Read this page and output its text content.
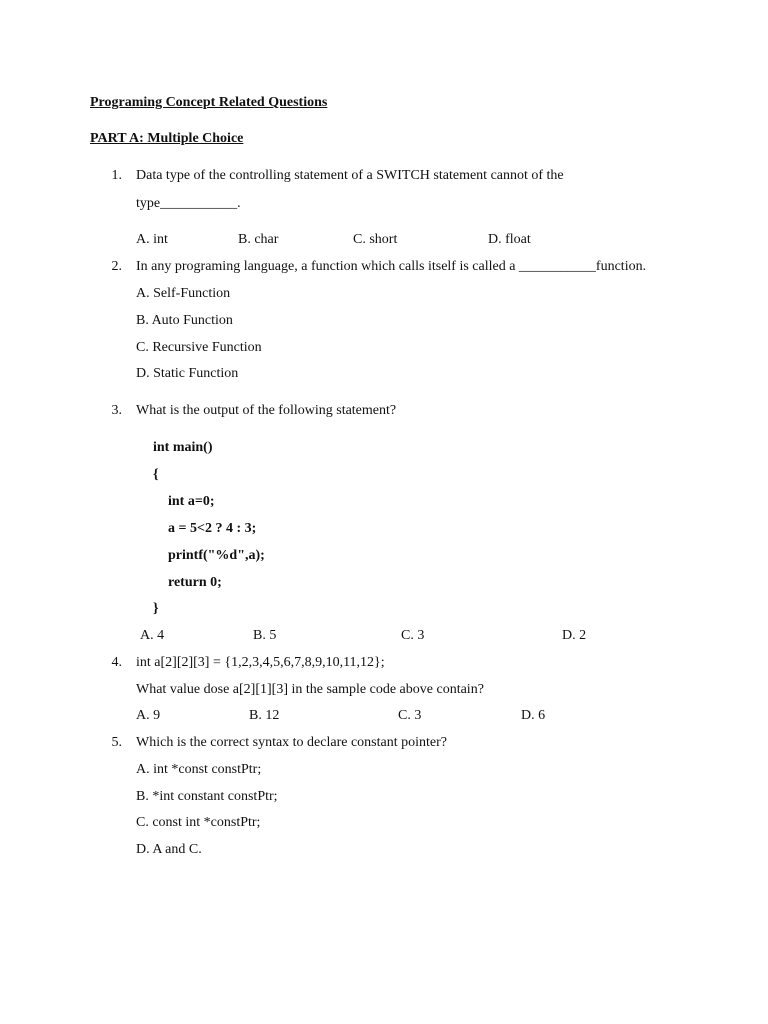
Programing Concept Related Questions
PART A: Multiple Choice
1. Data type of the controlling statement of a SWITCH statement cannot of the
type___________.
A. int	B. char	C. short	D. float
2. In any programing language, a function which calls itself is called a ___________function.
A. Self-Function
B. Auto Function
C. Recursive Function
D. Static Function
3. What is the output of the following statement?
int main()
{
int a=0;
a = 5<2 ? 4 : 3;
printf("%d",a);
return 0;
}
A. 4	B. 5	C. 3	D. 2
4. int a[2][2][3] = {1,2,3,4,5,6,7,8,9,10,11,12};
What value dose a[2][1][3] in the sample code above contain?
A. 9	B. 12	C. 3	D. 6
5. Which is the correct syntax to declare constant pointer?
A. int *const constPtr;
B. *int constant constPtr;
C. const int *constPtr;
D. A and C.
